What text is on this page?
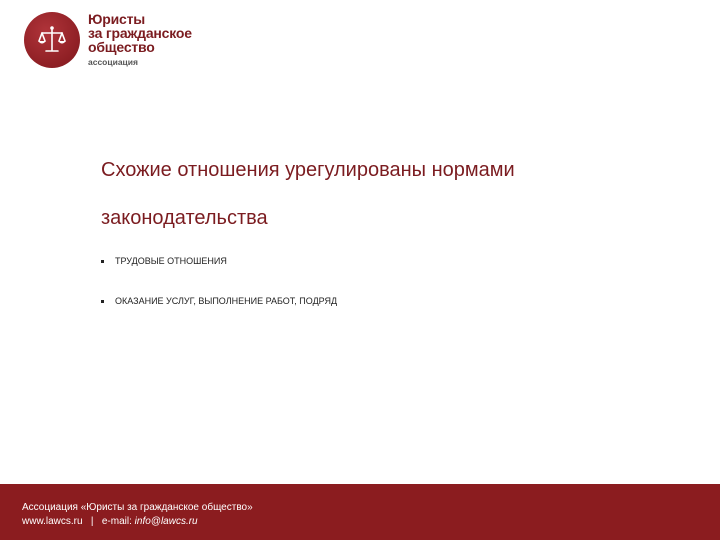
Юристы
за гражданское
общество
ассоциация
Схожие отношения урегулированы нормами законодательства
ТРУДОВЫЕ ОТНОШЕНИЯ
ОКАЗАНИЕ УСЛУГ, ВЫПОЛНЕНИЕ РАБОТ, ПОДРЯД
Ассоциация «Юристы за гражданское общество»
www.lawcs.ru | e-mail: info@lawcs.ru
